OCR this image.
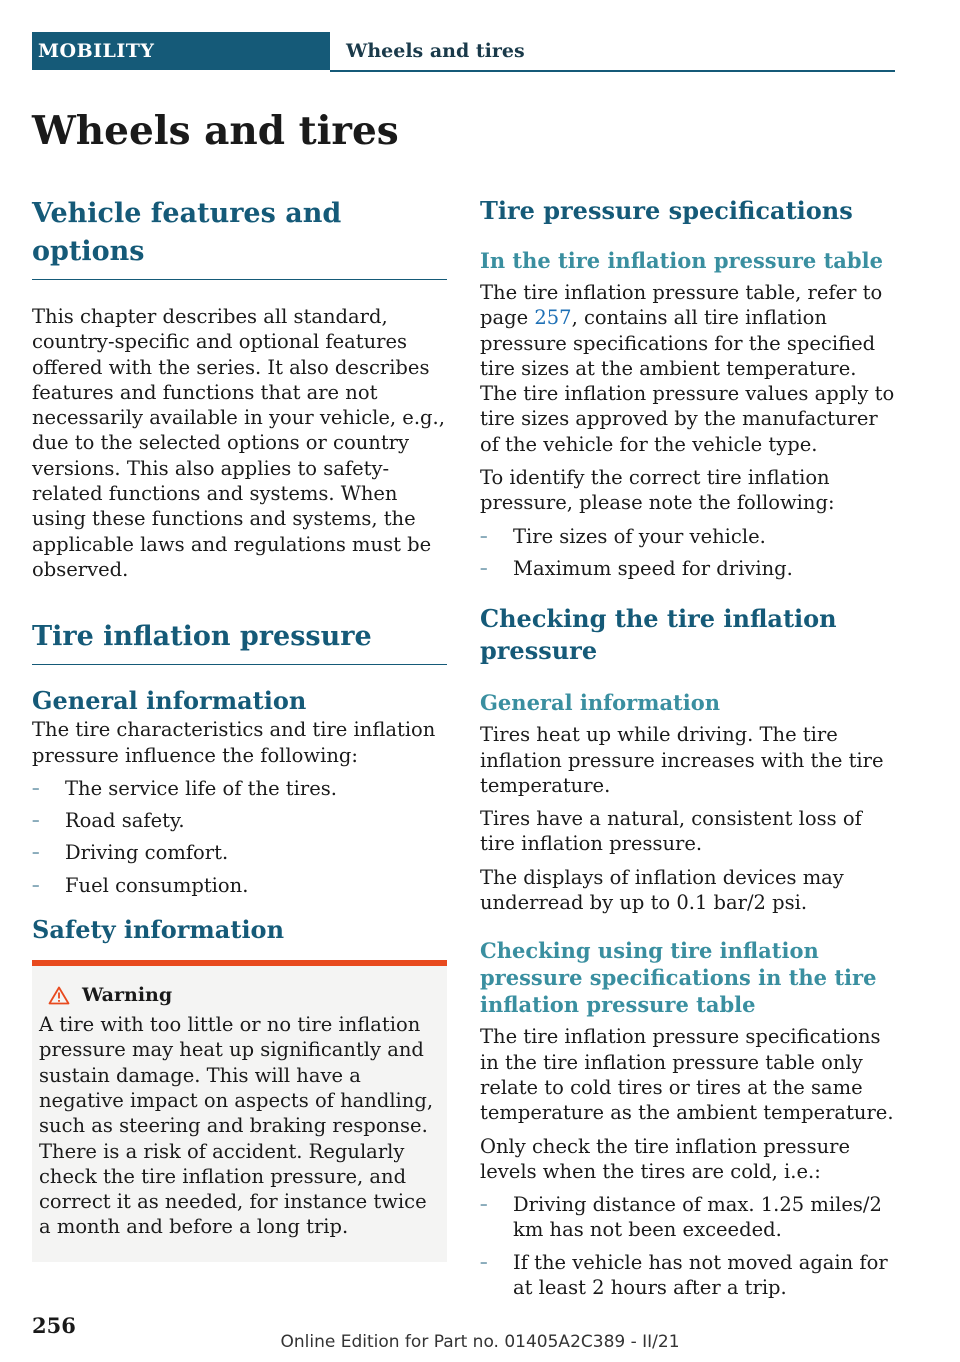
MOBILITY	Wheels and tires
Wheels and tires
Vehicle features and options

This chapter describes all standard, country-specific and optional features offered with the series. It also describes features and functions that are not necessarily available in your vehicle, e.g., due to the selected options or country versions. This also applies to safety-related functions and systems. When using these functions and systems, the applicable laws and regulations must be observed.

Tire inflation pressure
General information

The tire characteristics and tire inflation pressure influence the following:

– The service life of the tires.
– Road safety.
– Driving comfort.
– Fuel consumption.
Safety information
Warning

A tire with too little or no tire inflation pressure may heat up significantly and sustain damage. This will have a negative impact on aspects of handling, such as steering and braking response. There is a risk of accident. Regularly check the tire inflation pressure, and correct it as needed, for instance twice a month and before a long trip.

Tire pressure specifications
In the tire inflation pressure table

The tire inflation pressure table, refer to page 257, contains all tire inflation pressure specifications for the specified tire sizes at the ambient temperature. The tire inflation pressure values apply to tire sizes approved by the manufacturer of the vehicle for the vehicle type.

To identify the correct tire inflation pressure, please note the following:

– Tire sizes of your vehicle.
– Maximum speed for driving.
Checking the tire inflation pressure
General information

Tires heat up while driving. The tire inflation pressure increases with the tire temperature.

Tires have a natural, consistent loss of tire inflation pressure.

The displays of inflation devices may underread by up to 0.1 bar/2 psi.

Checking using tire inflation pressure specifications in the tire inflation pressure table

The tire inflation pressure specifications in the tire inflation pressure table only relate to cold tires or tires at the same temperature as the ambient temperature.

Only check the tire inflation pressure levels when the tires are cold, i.e.:

– Driving distance of max. 1.25 miles/2 km has not been exceeded.
– If the vehicle has not moved again for at least 2 hours after a trip.
256
Online Edition for Part no. 01405A2C389 - II/21
